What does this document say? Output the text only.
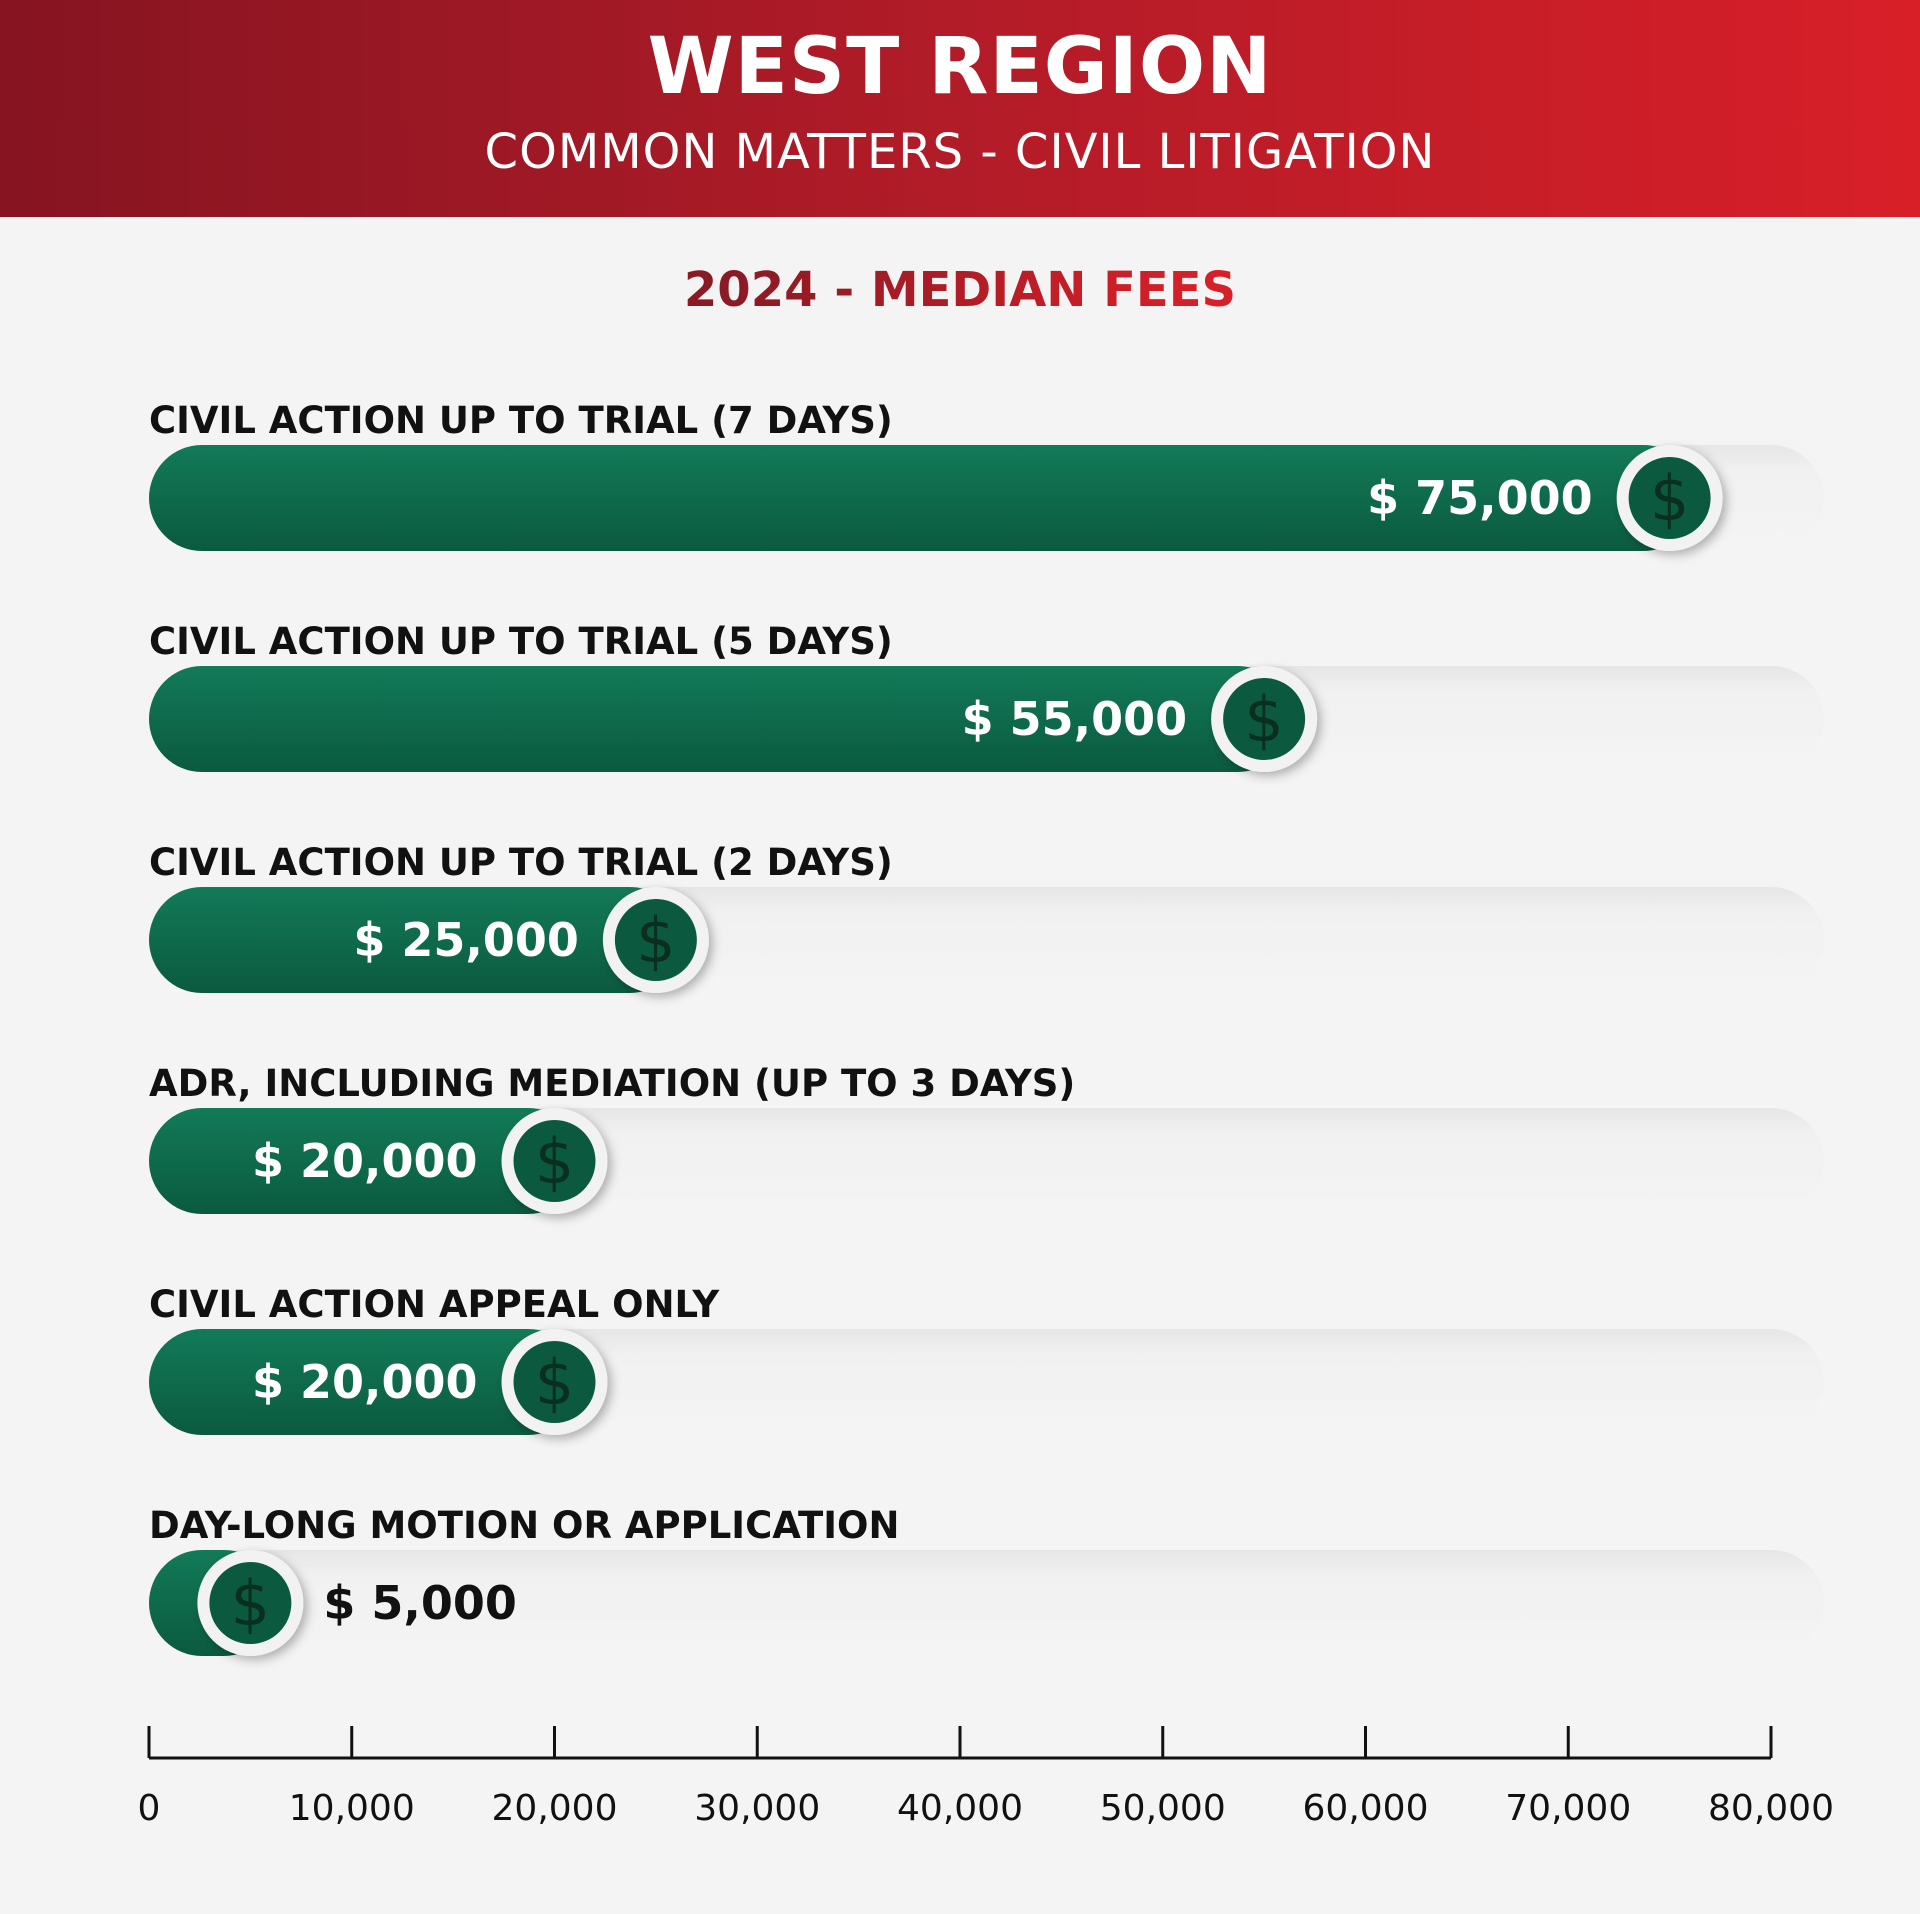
WEST REGION
COMMON MATTERS - CIVIL LITIGATION
2024 - MEDIAN FEES
CIVIL ACTION UP TO TRIAL (7 DAYS)
$
$ 75,000
CIVIL ACTION UP TO TRIAL (5 DAYS)
$
$ 55,000
CIVIL ACTION UP TO TRIAL (2 DAYS)
$
$ 25,000
ADR, INCLUDING MEDIATION (UP TO 3 DAYS)
$
$ 20,000
CIVIL ACTION APPEAL ONLY
$
$ 20,000
DAY-LONG MOTION OR APPLICATION
$ $ 5,000
0	10,000 20,000 30,000 40,000 50,000 60,000 70,000 80,000
